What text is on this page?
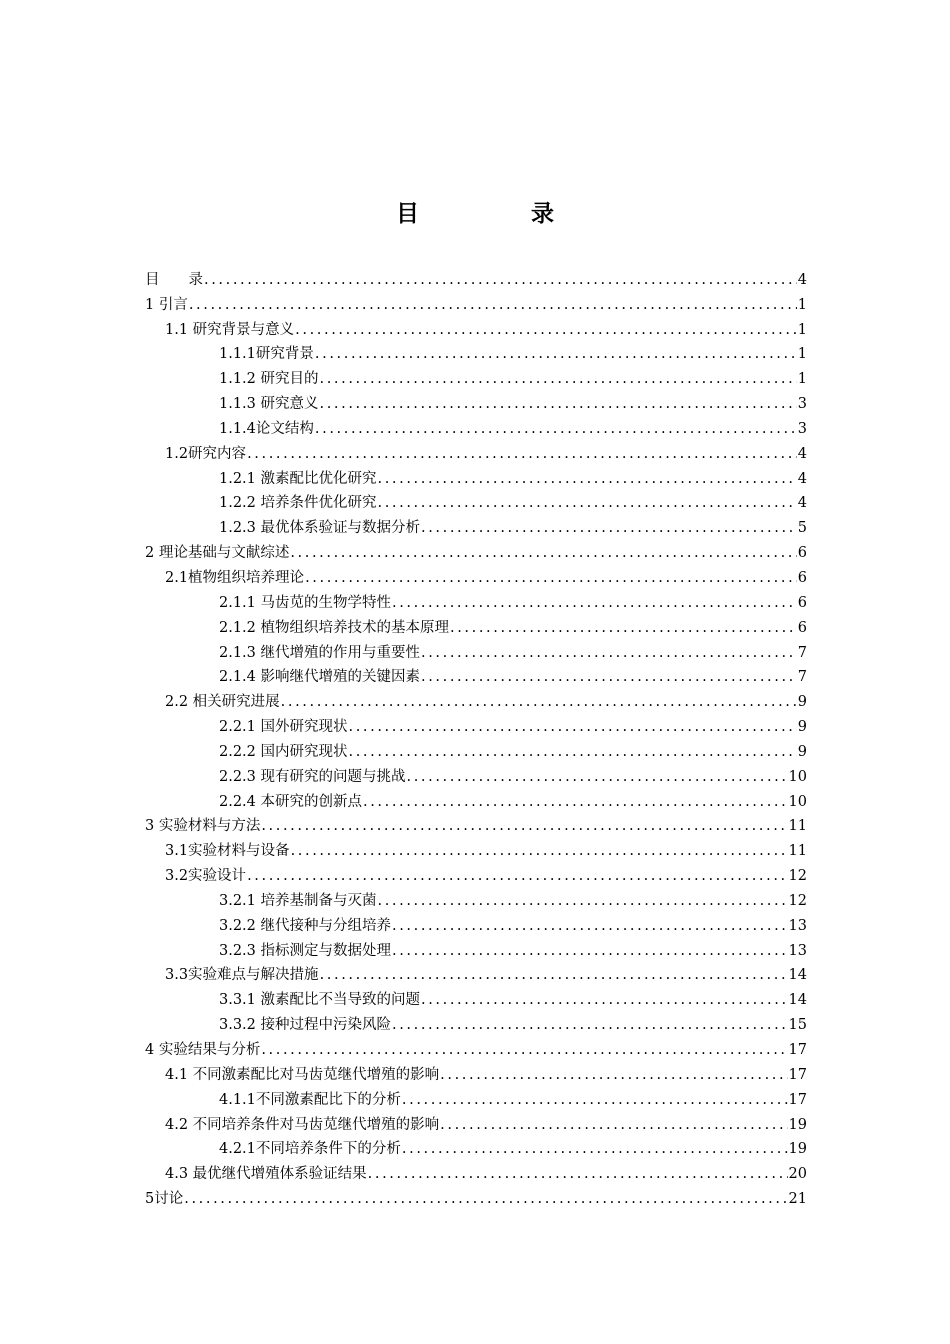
目 录
目　　录 .....	4
1 引言 .....	1
1.1 研究背景与意义 .....	1
1.1.1研究背景 .....	1
1.1.2 研究目的 .....	1
1.1.3 研究意义 .....	3
1.1.4论文结构 .....	3
1.2研究内容 .....	4
1.2.1 激素配比优化研究 .....	4
1.2.2 培养条件优化研究 .....	4
1.2.3 最优体系验证与数据分析 .....	5
2 理论基础与文献综述 .....	6
2.1植物组织培养理论 .....	6
2.1.1 马齿苋的生物学特性 .....	6
2.1.2 植物组织培养技术的基本原理 .....	6
2.1.3 继代增殖的作用与重要性 .....	7
2.1.4 影响继代增殖的关键因素 .....	7
2.2 相关研究进展 .....	9
2.2.1 国外研究现状 .....	9
2.2.2 国内研究现状 .....	9
2.2.3 现有研究的问题与挑战 .....	10
2.2.4 本研究的创新点 .....	10
3 实验材料与方法 .....	11
3.1实验材料与设备 .....	11
3.2实验设计 .....	12
3.2.1 培养基制备与灭菌 .....	12
3.2.2 继代接种与分组培养 .....	13
3.2.3 指标测定与数据处理 .....	13
3.3实验难点与解决措施 .....	14
3.3.1 激素配比不当导致的问题 .....	14
3.3.2 接种过程中污染风险 .....	15
4 实验结果与分析 .....	17
4.1 不同激素配比对马齿苋继代增殖的影响 .....	17
4.1.1不同激素配比下的分析 .....	17
4.2 不同培养条件对马齿苋继代增殖的影响 .....	19
4.2.1不同培养条件下的分析 .....	19
4.3 最优继代增殖体系验证结果 .....	20
5讨论 .....	21
